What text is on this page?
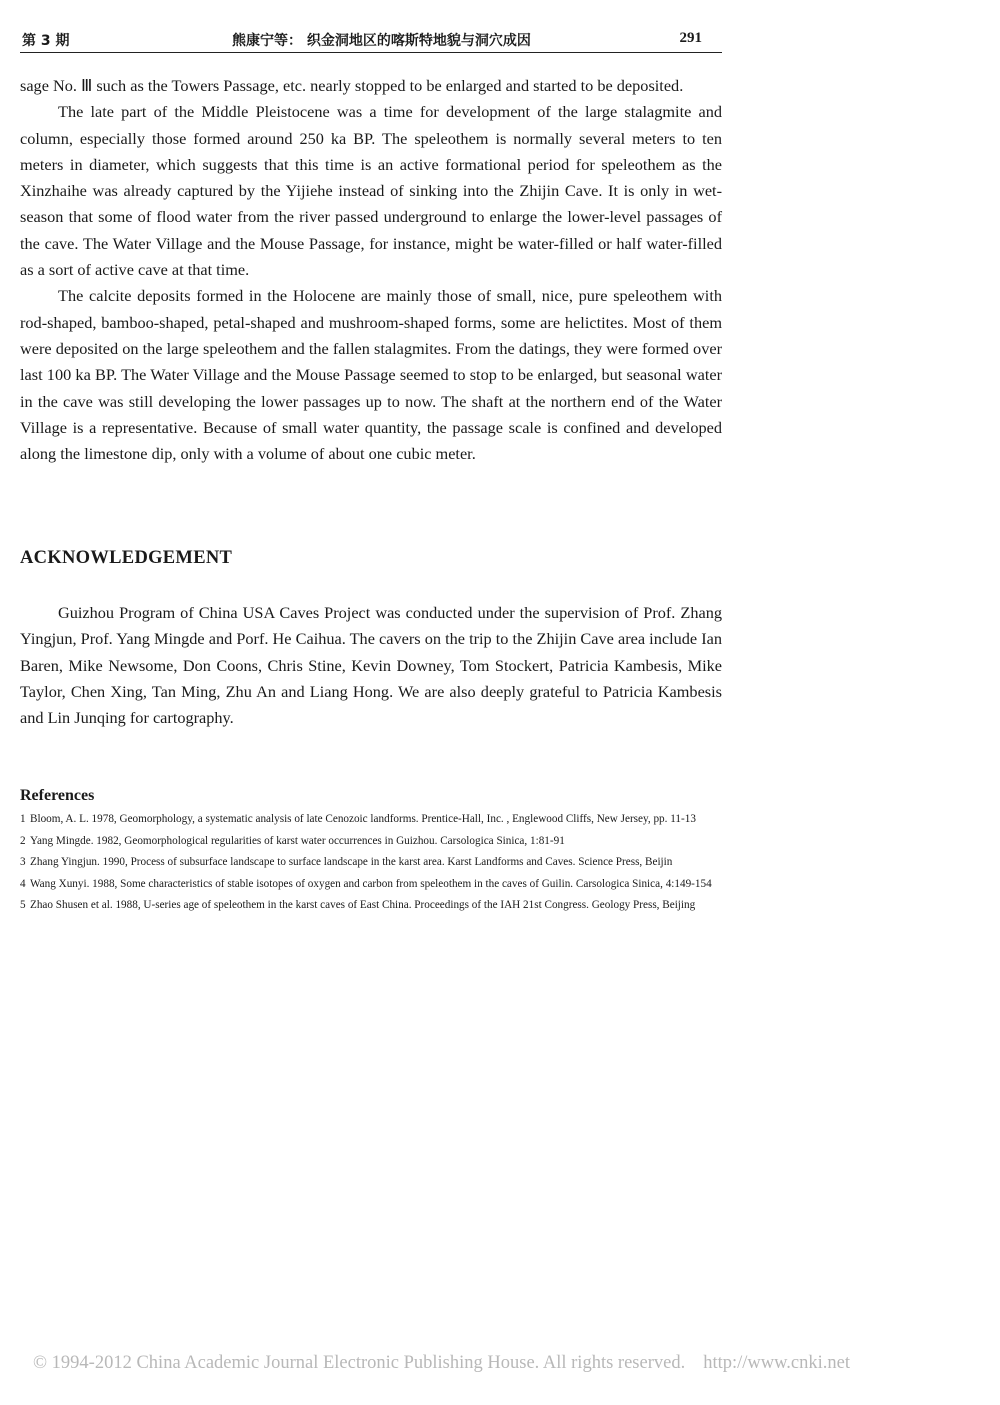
第 3 期	熊康宁等： 织金洞地区的喀斯特地貌与洞穴成因	291

sage No. Ⅲ such as the Towers Passage, etc. nearly stopped to be enlarged and started to be deposited.

The late part of the Middle Pleistocene was a time for development of the large stalagmite and column, especially those formed around 250 ka BP. The speleothem is normally several meters to ten meters in diameter, which suggests that this time is an active formational period for speleothem as the Xinzhaihe was already captured by the Yijiehe instead of sinking into the Zhijin Cave. It is only in wet-season that some of flood water from the river passed underground to enlarge the lower-level passages of the cave. The Water Village and the Mouse Passage, for instance, might be water-filled or half water-filled as a sort of active cave at that time.

The calcite deposits formed in the Holocene are mainly those of small, nice, pure speleothem with rod-shaped, bamboo-shaped, petal-shaped and mushroom-shaped forms, some are helictites. Most of them were deposited on the large speleothem and the fallen stalagmites. From the datings, they were formed over last 100 ka BP. The Water Village and the Mouse Passage seemed to stop to be enlarged, but seasonal water in the cave was still developing the lower passages up to now. The shaft at the northern end of the Water Village is a representative. Because of small water quantity, the passage scale is confined and developed along the limestone dip, only with a volume of about one cubic meter.

ACKNOWLEDGEMENT

Guizhou Program of China USA Caves Project was conducted under the supervision of Prof. Zhang Yingjun, Prof. Yang Mingde and Porf. He Caihua. The cavers on the trip to the Zhijin Cave area include Ian Baren, Mike Newsome, Don Coons, Chris Stine, Kevin Downey, Tom Stockert, Patricia Kambesis, Mike Taylor, Chen Xing, Tan Ming, Zhu An and Liang Hong. We are also deeply grateful to Patricia Kambesis and Lin Junqing for cartography.

References
1 Bloom, A. L. 1978, Geomorphology, a systematic analysis of late Cenozoic landforms. Prentice-Hall, Inc. , Englewood Cliffs, New Jersey, pp. 11-13
2 Yang Mingde. 1982, Geomorphological regularities of karst water occurrences in Guizhou. Carsologica Sinica, 1:81-91
3 Zhang Yingjun. 1990, Process of subsurface landscape to surface landscape in the karst area. Karst Landforms and Caves. Science Press, Beijin
4 Wang Xunyi. 1988, Some characteristics of stable isotopes of oxygen and carbon from speleothem in the caves of Guilin. Carsologica Sinica, 4:149-154
5 Zhao Shusen et al. 1988, U-series age of speleothem in the karst caves of East China. Proceedings of the IAH 21st Congress. Geology Press, Beijing
© 1994-2012 China Academic Journal Electronic Publishing House. All rights reserved. http://www.cnki.net
